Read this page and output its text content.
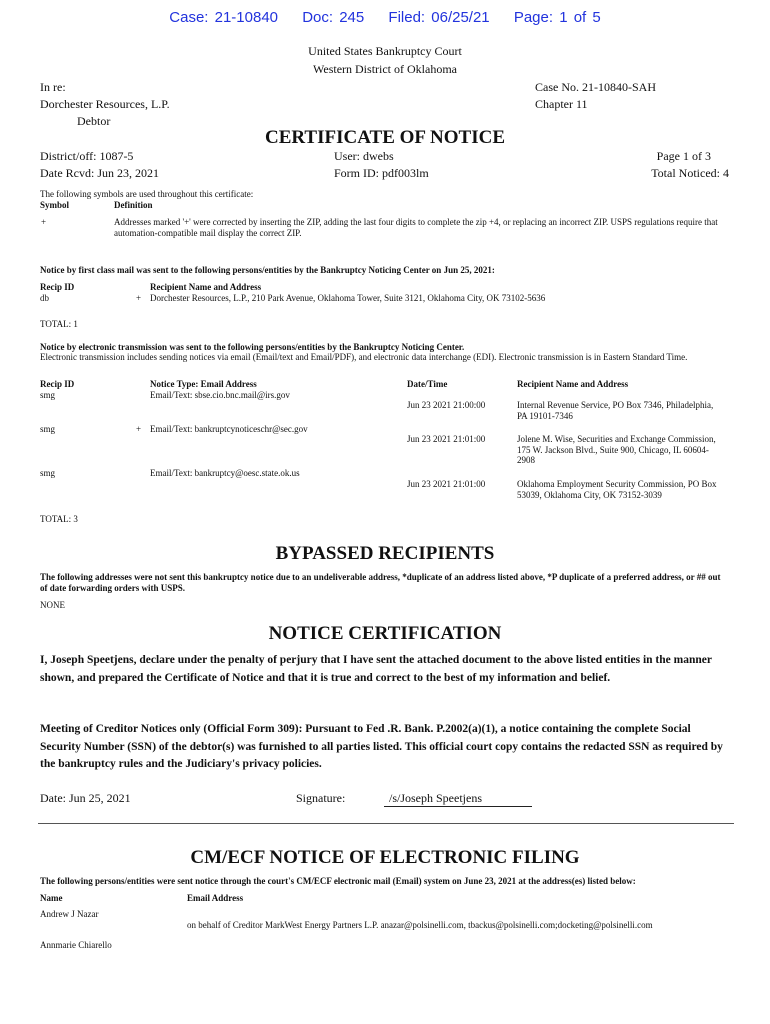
Case: 21-10840 Doc: 245 Filed: 06/25/21 Page: 1 of 5
United States Bankruptcy Court
Western District of Oklahoma
In re:
Dorchester Resources, L.P.
Debtor
Case No. 21-10840-SAH
Chapter 11
CERTIFICATE OF NOTICE
District/off: 1087-5
Date Rcvd: Jun 23, 2021
User: dwebs
Form ID: pdf003lm
Page 1 of 3
Total Noticed: 4
The following symbols are used throughout this certificate:
Symbol	Definition
+	Addresses marked '+' were corrected by inserting the ZIP, adding the last four digits to complete the zip +4, or replacing an incorrect ZIP. USPS regulations require that automation-compatible mail display the correct ZIP.
Notice by first class mail was sent to the following persons/entities by the Bankruptcy Noticing Center on Jun 25, 2021:
Recip ID	Recipient Name and Address
db	+ Dorchester Resources, L.P., 210 Park Avenue, Oklahoma Tower, Suite 3121, Oklahoma City, OK 73102-5636
TOTAL: 1
Notice by electronic transmission was sent to the following persons/entities by the Bankruptcy Noticing Center.
Electronic transmission includes sending notices via email (Email/text and Email/PDF), and electronic data interchange (EDI). Electronic transmission is in Eastern Standard Time.
Recip ID	Notice Type: Email Address	Date/Time	Recipient Name and Address
smg	Email/Text: sbse.cio.bnc.mail@irs.gov
Jun 23 2021 21:00:00	Internal Revenue Service, PO Box 7346, Philadelphia, PA 19101-7346
smg	+ Email/Text: bankruptcynoticeschr@sec.gov
Jun 23 2021 21:01:00	Jolene M. Wise, Securities and Exchange Commission, 175 W. Jackson Blvd., Suite 900, Chicago, IL 60604-2908
smg	Email/Text: bankruptcy@oesc.state.ok.us
Jun 23 2021 21:01:00	Oklahoma Employment Security Commission, PO Box 53039, Oklahoma City, OK 73152-3039
TOTAL: 3
BYPASSED RECIPIENTS
The following addresses were not sent this bankruptcy notice due to an undeliverable address, *duplicate of an address listed above, *P duplicate of a preferred address, or ## out of date forwarding orders with USPS.
NONE
NOTICE CERTIFICATION
I, Joseph Speetjens, declare under the penalty of perjury that I have sent the attached document to the above listed entities in the manner shown, and prepared the Certificate of Notice and that it is true and correct to the best of my information and belief.
Meeting of Creditor Notices only (Official Form 309): Pursuant to Fed .R. Bank. P.2002(a)(1), a notice containing the complete Social Security Number (SSN) of the debtor(s) was furnished to all parties listed. This official court copy contains the redacted SSN as required by the bankruptcy rules and the Judiciary's privacy policies.
Date: Jun 25, 2021	Signature:	/s/Joseph Speetjens
CM/ECF NOTICE OF ELECTRONIC FILING
The following persons/entities were sent notice through the court's CM/ECF electronic mail (Email) system on June 23, 2021 at the address(es) listed below:
Name	Email Address
Andrew J Nazar
on behalf of Creditor MarkWest Energy Partners L.P. anazar@polsinelli.com, tbackus@polsinelli.com;docketing@polsinelli.com
Annmarie Chiarello
